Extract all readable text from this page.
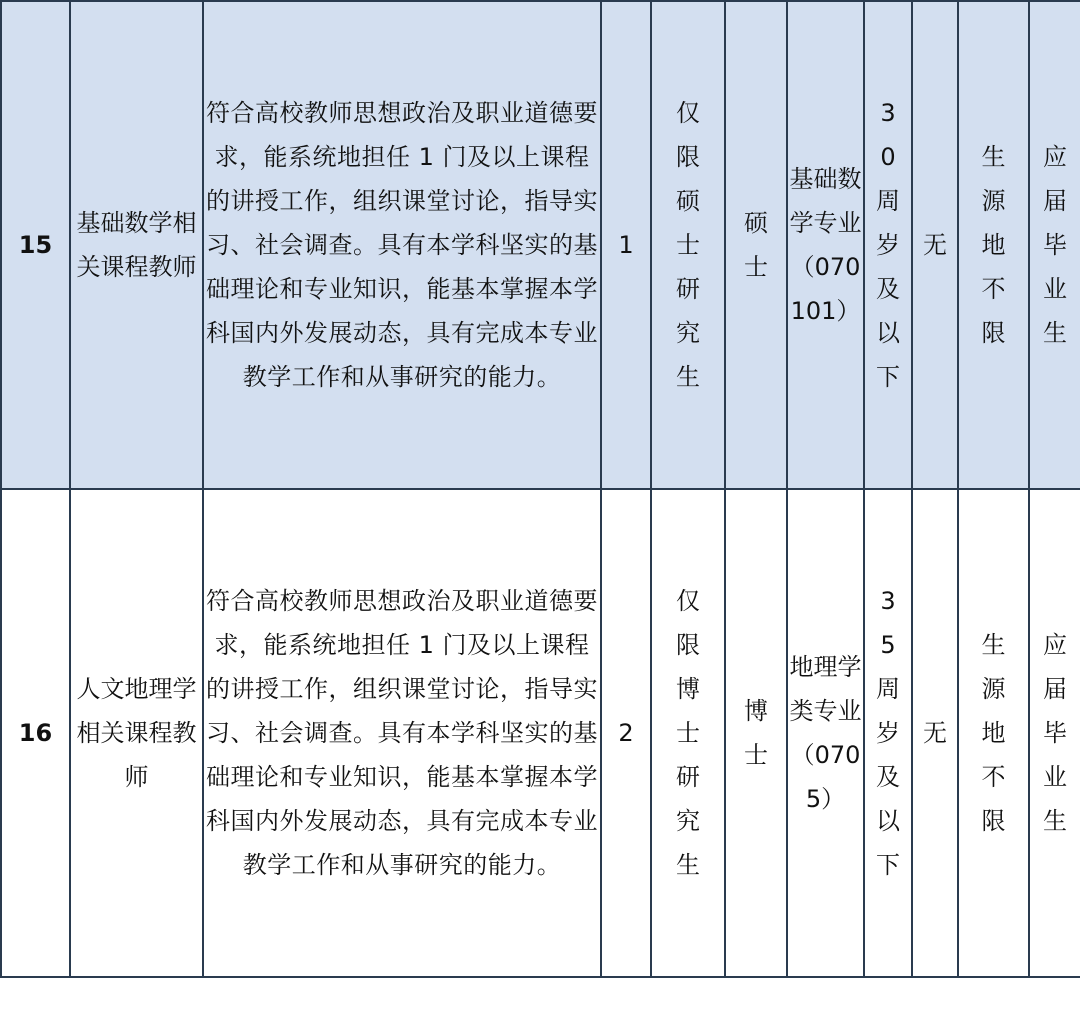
15	基础数学相关课程教师	符合高校教师思想政治及职业道德要求，能系统地担任 1 门及以上课程的讲授工作，组织课堂讨论，指导实习、社会调查。具有本学科坚实的基础理论和专业知识，能基本掌握本学科国内外发展动态，具有完成本专业教学工作和从事研究的能力。	1	仅限硕士研究生	硕士	基础数学专业（070101）	30周岁及以下	无	生源地不限	应届毕业生
16	人文地理学相关课程教师	符合高校教师思想政治及职业道德要求，能系统地担任 1 门及以上课程的讲授工作，组织课堂讨论，指导实习、社会调查。具有本学科坚实的基础理论和专业知识，能基本掌握本学科国内外发展动态，具有完成本专业教学工作和从事研究的能力。	2	仅限博士研究生	博士	地理学类专业（0705）	35周岁及以下	无	生源地不限	应届毕业生
